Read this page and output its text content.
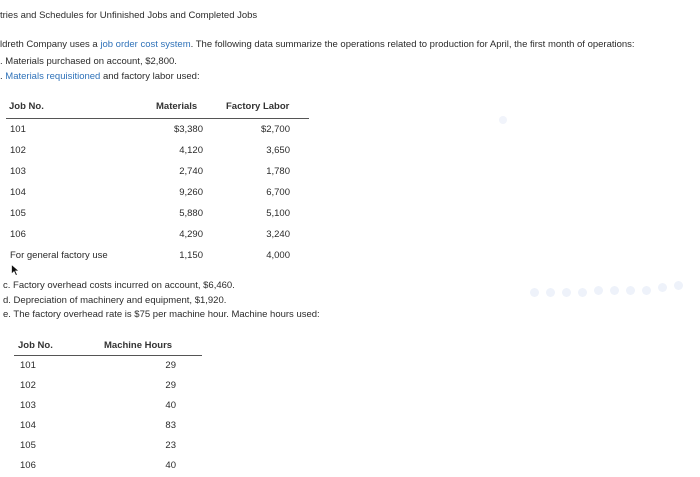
tries and Schedules for Unfinished Jobs and Completed Jobs
ldreth Company uses a job order cost system. The following data summarize the operations related to production for April, the first month of operations:
. Materials purchased on account, $2,800.
. Materials requisitioned and factory labor used:
Job No.	Materials	Factory Labor
101	$3,380	$2,700
102	4,120	3,650
103	2,740	1,780
104	9,260	6,700
105	5,880	5,100
106	4,290	3,240
For general factory use	1,150	4,000
c. Factory overhead costs incurred on account, $6,460.
d. Depreciation of machinery and equipment, $1,920.
e. The factory overhead rate is $75 per machine hour. Machine hours used:
Job No.	Machine Hours
101	29
102	29
103	40
104	83
105	23
106	40
